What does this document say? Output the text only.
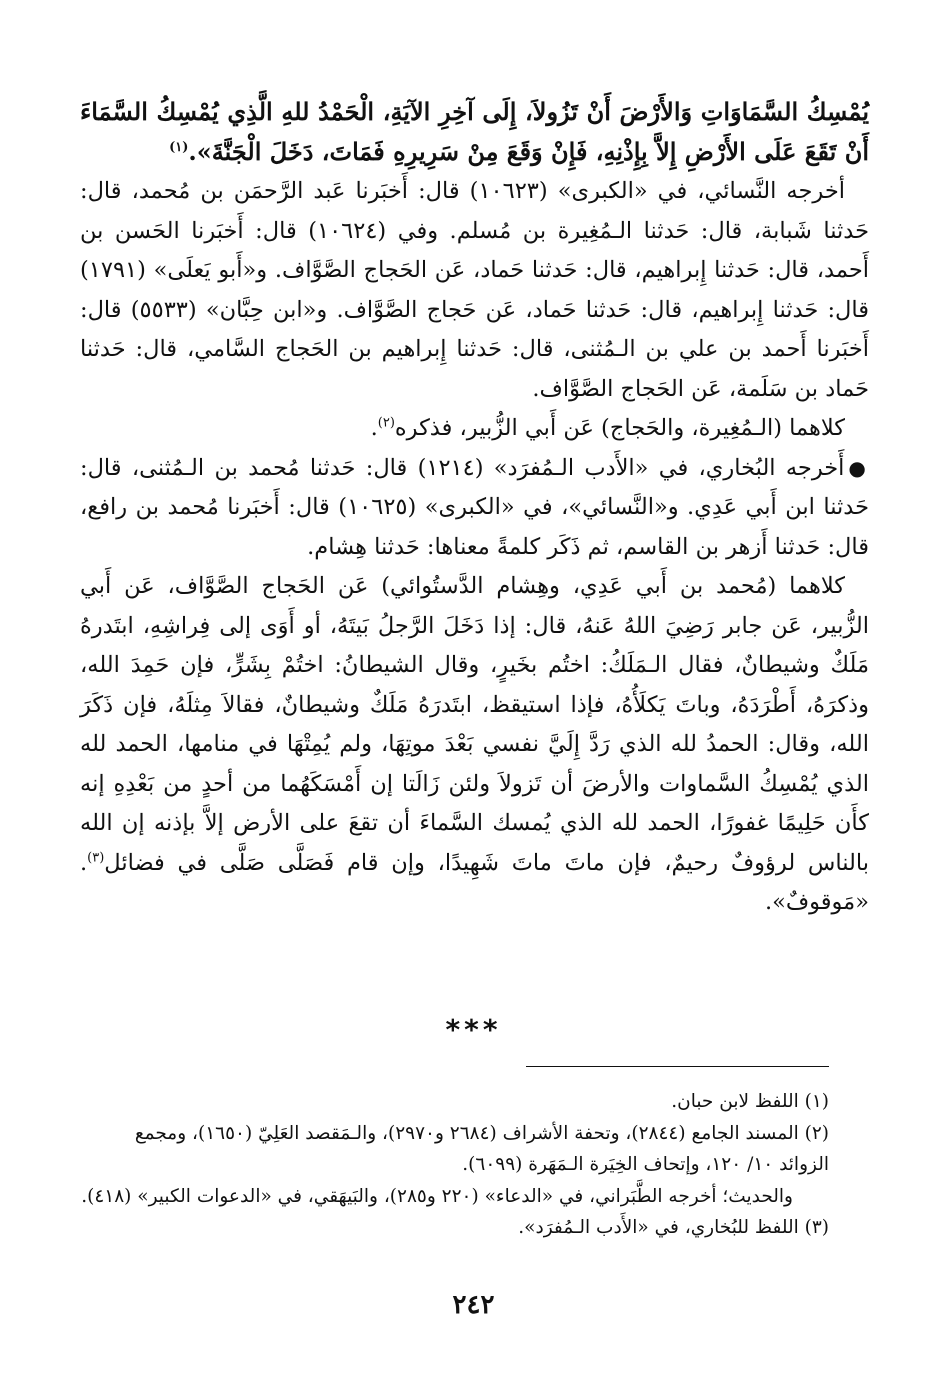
يُمْسِكُ السَّمَاوَاتِ وَالأَرْضَ أَنْ تَزُولاَ، إِلَى آخِرِ الآيَةِ، الْحَمْدُ للهِ الَّذِي يُمْسِكُ السَّمَاءَ أَنْ تَقَعَ عَلَى الأَرْضِ إِلاَّ بِإِذْنِهِ، فَإِنْ وَقَعَ مِنْ سَرِيرِهِ فَمَاتَ، دَخَلَ الْجَنَّةَ».$^{(١)}$

أخرجه النَّسائي، في «الكبرى» (١٠٦٢٣) قال: أَخبَرنا عَبد الرَّحمَن بن مُحمد، قال: حَدثنا شَبابة، قال: حَدثنا الـمُغِيرة بن مُسلم. وفي (١٠٦٢٤) قال: أَخبَرنا الحَسن بن أَحمد، قال: حَدثنا إِبراهيم، قال: حَدثنا حَماد، عَن الحَجاج الصَّوَّاف. و«أَبو يَعلَى» (١٧٩١) قال: حَدثنا إِبراهيم، قال: حَدثنا حَماد، عَن حَجاج الصَّوَّاف. و«ابن حِبَّان» (٥٥٣٣) قال: أَخبَرنا أَحمد بن علي بن الـمُثنى، قال: حَدثنا إِبراهيم بن الحَجاج السَّامي، قال: حَدثنا حَماد بن سَلَمة، عَن الحَجاج الصَّوَّاف.

كلاهما (الـمُغِيرة، والحَجاج) عَن أَبي الزُّبير، فذكره$^{(٢)}$.

●أَخرجه البُخاري، في «الأَدب الـمُفرَد» (١٢١٤) قال: حَدثنا مُحمد بن الـمُثنى، قال: حَدثنا ابن أَبي عَدِي. و«النَّسائي»، في «الكبرى» (١٠٦٢٥) قال: أَخبَرنا مُحمد بن رافع، قال: حَدثنا أَزهر بن القاسم، ثم ذَكَر كلمةً معناها: حَدثنا هِشام.

كلاهما (مُحمد بن أَبي عَدِي، وهِشام الدَّستُوائي) عَن الحَجاج الصَّوَّاف، عَن أَبي الزُّبير، عَن جابر رَضِيَ اللهُ عَنهُ، قال: إذا دَخَلَ الرَّجلُ بَيتَهُ، أو أَوَى إلى فِراشِهِ، ابتَدرهُ مَلَكٌ وشيطانٌ، فقال الـمَلَكُ: اختُم بخَيرٍ، وقال الشيطانُ: اختُمْ بِشَرٍّ، فإن حَمِدَ الله، وذكرَهُ، أَطْرَدَهُ، وباتَ يَكلَأُهُ، فإذا استيقظ، ابتَدرَهُ مَلَكٌ وشيطانٌ، فقالاَ مِثلَهُ، فإن ذَكَرَ الله، وقال: الحمدُ لله الذي رَدَّ إِلَيَّ نفسي بَعْدَ موتِهَا، ولم يُمِتْهَا في منامها، الحمد لله الذي يُمْسِكُ السَّماوات والأرضَ أن تَزولاَ ولئن زَالَتا إن أَمْسَكَهُما من أحدٍ من بَعْدِهِ إنه كأَن حَلِيمًا غفورًا، الحمد لله الذي يُمسك السَّماءَ أن تقعَ على الأرض إلاَّ بإذنه إن الله بالناس لرؤوفٌ رحيمٌ، فإن ماتَ ماتَ شَهِيدًا، وإن قام فَصَلَّى صَلَّى في فضائل$^{(٣)}$. «مَوقوفٌ».

***

(١) اللفظ لابن حبان.

(٢) المسند الجامع (٢٨٤٤)، وتحفة الأشراف (٢٦٨٤ و٢٩٧٠)، والـمَقصد العَلِيّ (١٦٥٠)، ومجمع الزوائد ١٠/ ١٢٠، وإتحاف الخِيَرة الـمَهَرة (٦٠٩٩).

والحديث؛ أخرجه الطَّبَراني، في «الدعاء» (٢٢٠ و٢٨٥)، والبَيهَقي، في «الدعوات الكبير» (٤١٨).

(٣) اللفظ للبُخاري، في «الأَدب الـمُفرَد».

٢٤٢
